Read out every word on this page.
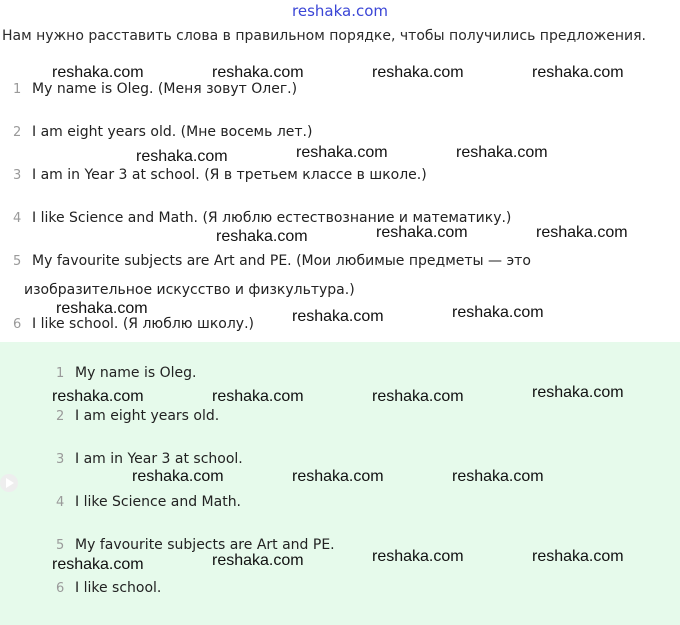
reshaka.com
Нам нужно расставить слова в правильном порядке, чтобы получились предложения.
1 My name is Oleg. (Меня зовут Олег.)
2 I am eight years old. (Мне восемь лет.)
3 I am in Year 3 at school. (Я в третьем классе в школе.)
4 I like Science and Math. (Я люблю естествознание и математику.)
5 My favourite subjects are Art and PE. (Мои любимые предметы — это
изобразительное искусство и физкультура.)
6 I like school. (Я люблю школу.)
1 My name is Oleg.
2 I am eight years old.
3 I am in Year 3 at school.
4 I like Science and Math.
5 My favourite subjects are Art and PE.
6 I like school.
reshaka.com	reshaka.com	reshaka.com	reshaka.com
reshaka.com	reshaka.com	reshaka.com
reshaka.com	reshaka.com	reshaka.com
reshaka.com	reshaka.com	reshaka.com
reshaka.com	reshaka.com	reshaka.com	reshaka.com
reshaka.com	reshaka.com	reshaka.com
reshaka.com	reshaka.com
reshaka.com	reshaka.com
